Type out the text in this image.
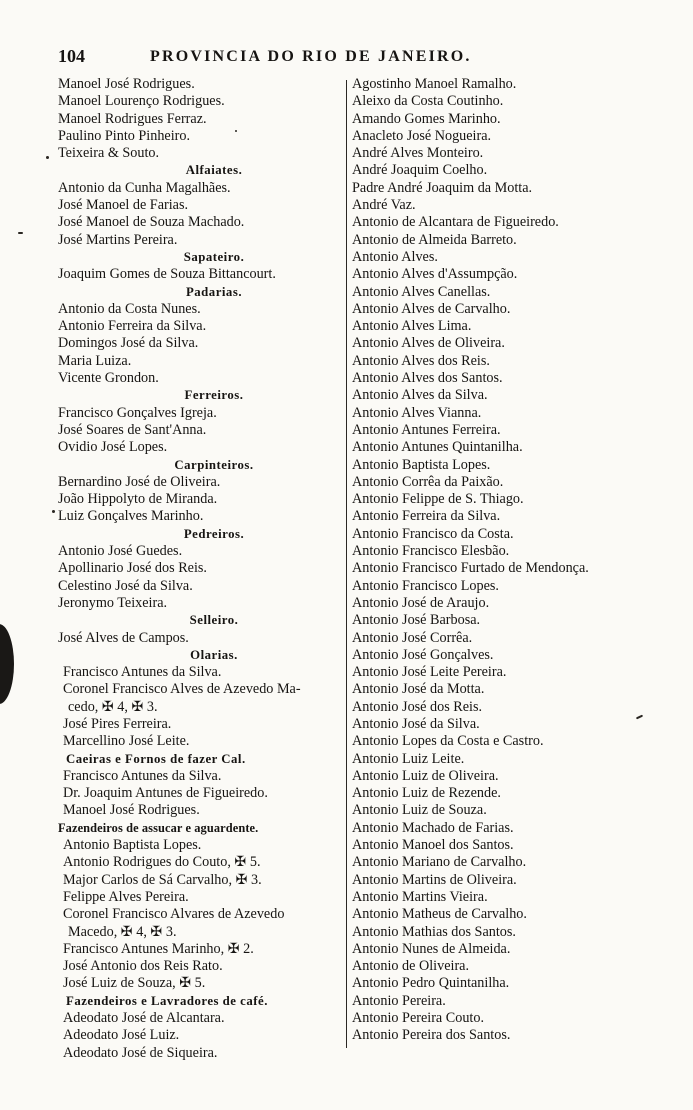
104	PROVINCIA DO RIO DE JANEIRO.
Manoel José Rodrigues.
Manoel Lourenço Rodrigues.
Manoel Rodrigues Ferraz.
Paulino Pinto Pinheiro.
Teixeira & Souto.
Alfaiates.
Antonio da Cunha Magalhães.
José Manoel de Farias.
José Manoel de Souza Machado.
José Martins Pereira.
Sapateiro.
Joaquim Gomes de Souza Bittancourt.
Padarias.
Antonio da Costa Nunes.
Antonio Ferreira da Silva.
Domingos José da Silva.
Maria Luiza.
Vicente Grondon.
Ferreiros.
Francisco Gonçalves Igreja.
José Soares de Sant'Anna.
Ovidio José Lopes.
Carpinteiros.
Bernardino José de Oliveira.
João Hippolyto de Miranda.
Luiz Gonçalves Marinho.
Pedreiros.
Antonio José Guedes.
Apollinario José dos Reis.
Celestino José da Silva.
Jeronymo Teixeira.
Selleiro.
José Alves de Campos.
Olarias.
Francisco Antunes da Silva.
Coronel Francisco Alves de Azevedo Ma-
cedo, ✠ 4, ✠ 3.
José Pires Ferreira.
Marcellino José Leite.
Caeiras e Fornos de fazer Cal.
Francisco Antunes da Silva.
Dr. Joaquim Antunes de Figueiredo.
Manoel José Rodrigues.
Fazendeiros de assucar e aguardente.
Antonio Baptista Lopes.
Antonio Rodrigues do Couto, ✠ 5.
Major Carlos de Sá Carvalho, ✠ 3.
Felippe Alves Pereira.
Coronel Francisco Alvares de Azevedo
Macedo, ✠ 4, ✠ 3.
Francisco Antunes Marinho, ✠ 2.
José Antonio dos Reis Rato.
José Luiz de Souza, ✠ 5.
Fazendeiros e Lavradores de café.
Adeodato José de Alcantara.
Adeodato José Luiz.
Adeodato José de Siqueira.
Agostinho Manoel Ramalho.
Aleixo da Costa Coutinho.
Amando Gomes Marinho.
Anacleto José Nogueira.
André Alves Monteiro.
André Joaquim Coelho.
Padre André Joaquim da Motta.
André Vaz.
Antonio de Alcantara de Figueiredo.
Antonio de Almeida Barreto.
Antonio Alves.
Antonio Alves d'Assumpção.
Antonio Alves Canellas.
Antonio Alves de Carvalho.
Antonio Alves Lima.
Antonio Alves de Oliveira.
Antonio Alves dos Reis.
Antonio Alves dos Santos.
Antonio Alves da Silva.
Antonio Alves Vianna.
Antonio Antunes Ferreira.
Antonio Antunes Quintanilha.
Antonio Baptista Lopes.
Antonio Corrêa da Paixão.
Antonio Felippe de S. Thiago.
Antonio Ferreira da Silva.
Antonio Francisco da Costa.
Antonio Francisco Elesbão.
Antonio Francisco Furtado de Mendonça.
Antonio Francisco Lopes.
Antonio José de Araujo.
Antonio José Barbosa.
Antonio José Corrêa.
Antonio José Gonçalves.
Antonio José Leite Pereira.
Antonio José da Motta.
Antonio José dos Reis.
Antonio José da Silva.
Antonio Lopes da Costa e Castro.
Antonio Luiz Leite.
Antonio Luiz de Oliveira.
Antonio Luiz de Rezende.
Antonio Luiz de Souza.
Antonio Machado de Farias.
Antonio Manoel dos Santos.
Antonio Mariano de Carvalho.
Antonio Martins de Oliveira.
Antonio Martins Vieira.
Antonio Matheus de Carvalho.
Antonio Mathias dos Santos.
Antonio Nunes de Almeida.
Antonio de Oliveira.
Antonio Pedro Quintanilha.
Antonio Pereira.
Antonio Pereira Couto.
Antonio Pereira dos Santos.
